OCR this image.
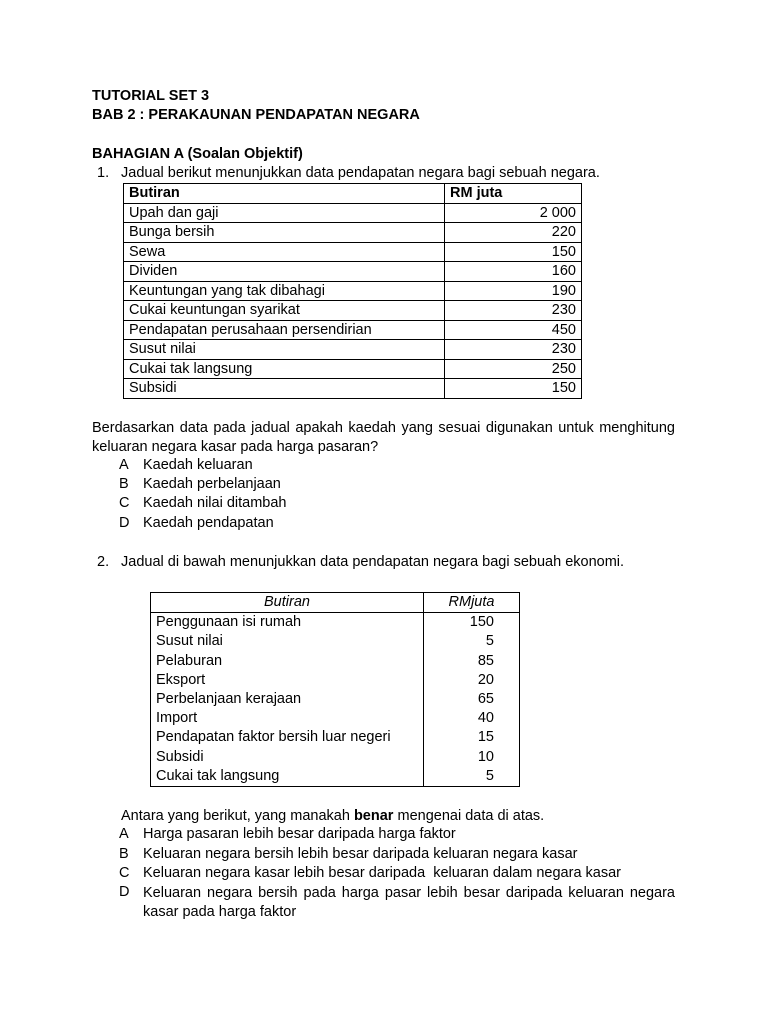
TUTORIAL SET 3
BAB 2 : PERAKAUNAN PENDAPATAN NEGARA
BAHAGIAN A (Soalan Objektif)
1. Jadual berikut menunjukkan data pendapatan negara bagi sebuah negara.
Butiran	RM juta
Upah dan gaji	2 000
Bunga bersih	220
Sewa	150
Dividen	160
Keuntungan yang tak dibahagi	190
Cukai keuntungan syarikat	230
Pendapatan perusahaan persendirian	450
Susut nilai	230
Cukai tak langsung	250
Subsidi	150
Berdasarkan data pada jadual apakah kaedah yang sesuai digunakan untuk menghitung keluaran negara kasar pada harga pasaran?
A Kaedah keluaran
B Kaedah perbelanjaan
C Kaedah nilai ditambah
D Kaedah pendapatan
2. Jadual di bawah menunjukkan data pendapatan negara bagi sebuah ekonomi.
Butiran	RMjuta
Penggunaan isi rumah	150
Susut nilai	5
Pelaburan	85
Eksport	20
Perbelanjaan kerajaan	65
Import	40
Pendapatan faktor bersih luar negeri	15
Subsidi	10
Cukai tak langsung	5
Antara yang berikut, yang manakah benar mengenai data di atas.
A Harga pasaran lebih besar daripada harga faktor
B Keluaran negara bersih lebih besar daripada keluaran negara kasar
C Keluaran negara kasar lebih besar daripada  keluaran dalam negara kasar
D Keluaran negara bersih pada harga pasar lebih besar daripada keluaran negara kasar pada harga faktor
